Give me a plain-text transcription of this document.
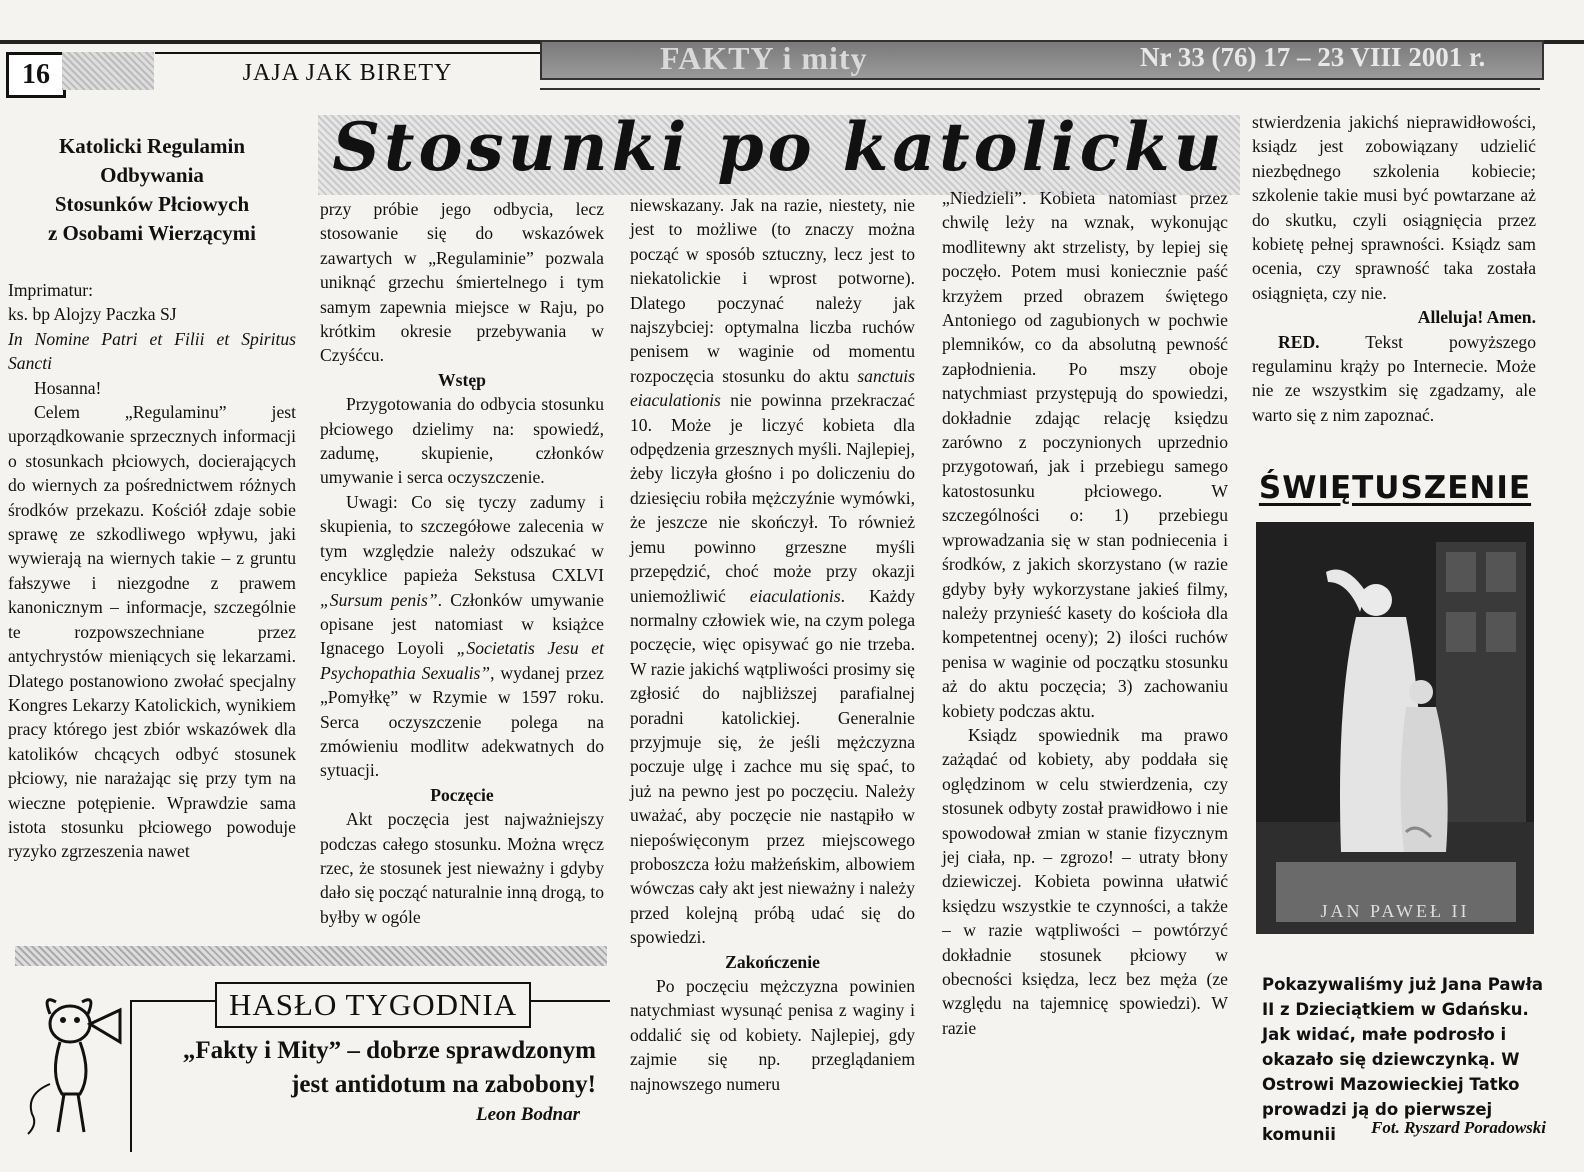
16	JAJA JAK BIRETY	FAKTY i mity	Nr 33 (76) 17 – 23 VIII 2001 r.
Stosunki po katolicku
Katolicki Regulamin
Odbywania
Stosunków Płciowych
z Osobami Wierzącymi

Imprimatur:

ks. bp Alojzy Paczka SJ

In Nomine Patri et Filii et Spiritus Sancti

Hosanna!

Celem „Regulaminu” jest uporządkowanie sprzecznych informacji o stosunkach płciowych, docierających do wiernych za pośrednictwem różnych środków przekazu. Kościół zdaje sobie sprawę ze szkodliwego wpływu, jaki wywierają na wiernych takie – z gruntu fałszywe i niezgodne z prawem kanonicznym – informacje, szczególnie te rozpowszechniane przez antychrystów mieniących się lekarzami. Dlatego postanowiono zwołać specjalny Kongres Lekarzy Katolickich, wynikiem pracy którego jest zbiór wskazówek dla katolików chcących odbyć stosunek płciowy, nie narażając się przy tym na wieczne potępienie. Wprawdzie sama istota stosunku płciowego powoduje ryzyko zgrzeszenia nawet

przy próbie jego odbycia, lecz stosowanie się do wskazówek zawartych w „Regulaminie” pozwala uniknąć grzechu śmiertelnego i tym samym zapewnia miejsce w Raju, po krótkim okresie przebywania w Czyśćcu.

Wstęp

Przygotowania do odbycia stosunku płciowego dzielimy na: spowiedź, zadumę, skupienie, członków umywanie i serca oczyszczenie.

Uwagi: Co się tyczy zadumy i skupienia, to szczegółowe zalecenia w tym względzie należy odszukać w encyklice papieża Sekstusa CXLVI „Sursum penis”. Członków umywanie opisane jest natomiast w książce Ignacego Loyoli „Societatis Jesu et Psychopathia Sexualis”, wydanej przez „Pomyłkę” w Rzymie w 1597 roku. Serca oczyszczenie polega na zmówieniu modlitw adekwatnych do sytuacji.

Poczęcie

Akt poczęcia jest najważniejszy podczas całego stosunku. Można wręcz rzec, że stosunek jest nieważny i gdyby dało się począć naturalnie inną drogą, to byłby w ogóle

niewskazany. Jak na razie, niestety, nie jest to możliwe (to znaczy można począć w sposób sztuczny, lecz jest to niekatolickie i wprost potworne). Dlatego poczynać należy jak najszybciej: optymalna liczba ruchów penisem w waginie od momentu rozpoczęcia stosunku do aktu sanctuis eiaculationis nie powinna przekraczać 10. Może je liczyć kobieta dla odpędzenia grzesznych myśli. Najlepiej, żeby liczyła głośno i po doliczeniu do dziesięciu robiła mężczyźnie wymówki, że jeszcze nie skończył. To również jemu powinno grzeszne myśli przepędzić, choć może przy okazji uniemożliwić eiaculationis. Każdy normalny człowiek wie, na czym polega poczęcie, więc opisywać go nie trzeba. W razie jakichś wątpliwości prosimy się zgłosić do najbliższej parafialnej poradni katolickiej. Generalnie przyjmuje się, że jeśli mężczyzna poczuje ulgę i zachce mu się spać, to już na pewno jest po poczęciu. Należy uważać, aby poczęcie nie nastąpiło w niepoświęconym przez miejscowego proboszcza łożu małżeńskim, albowiem wówczas cały akt jest nieważny i należy przed kolejną próbą udać się do spowiedzi.

Zakończenie

Po poczęciu mężczyzna powinien natychmiast wysunąć penisa z waginy i oddalić się od kobiety. Najlepiej, gdy zajmie się np. przeglądaniem najnowszego numeru

„Niedzieli”. Kobieta natomiast przez chwilę leży na wznak, wykonując modlitewny akt strzelisty, by lepiej się poczęło. Potem musi koniecznie paść krzyżem przed obrazem świętego Antoniego od zagubionych w pochwie plemników, co da absolutną pewność zapłodnienia. Po mszy oboje natychmiast przystępują do spowiedzi, dokładnie zdając relację księdzu zarówno z poczynionych uprzednio przygotowań, jak i przebiegu samego katostosunku płciowego. W szczególności o: 1) przebiegu wprowadzania się w stan podniecenia i środków, z jakich skorzystano (w razie gdyby były wykorzystane jakieś filmy, należy przynieść kasety do kościoła dla kompetentnej oceny); 2) ilości ruchów penisa w waginie od początku stosunku aż do aktu poczęcia; 3) zachowaniu kobiety podczas aktu.

Ksiądz spowiednik ma prawo zażądać od kobiety, aby poddała się oględzinom w celu stwierdzenia, czy stosunek odbyty został prawidłowo i nie spowodował zmian w stanie fizycznym jej ciała, np. – zgrozo! – utraty błony dziewiczej. Kobieta powinna ułatwić księdzu wszystkie te czynności, a także – w razie wątpliwości – powtórzyć dokładnie stosunek płciowy w obecności księdza, lecz bez męża (ze względu na tajemnicę spowiedzi). W razie

stwierdzenia jakichś nieprawidłowości, ksiądz jest zobowiązany udzielić niezbędnego szkolenia kobiecie; szkolenie takie musi być powtarzane aż do skutku, czyli osiągnięcia przez kobietę pełnej sprawności. Ksiądz sam ocenia, czy sprawność taka została osiągnięta, czy nie.

Alleluja! Amen.

RED. Tekst powyższego regulaminu krąży po Internecie. Może nie ze wszystkim się zgadzamy, ale warto się z nim zapoznać.

HASŁO TYGODNIA
„Fakty i Mity” – dobrze sprawdzonym
jest antidotum na zabobony!
Leon Bodnar
ŚWIĘTUSZENIE
JAN PAWEŁ II
Pokazywaliśmy już Jana Pawła II z Dzieciątkiem w Gdańsku. Jak widać, małe podrosło i okazało się dziewczynką. W Ostrowi Mazowieckiej Tatko prowadzi ją do pierwszej komunii	Fot. Ryszard Poradowski
